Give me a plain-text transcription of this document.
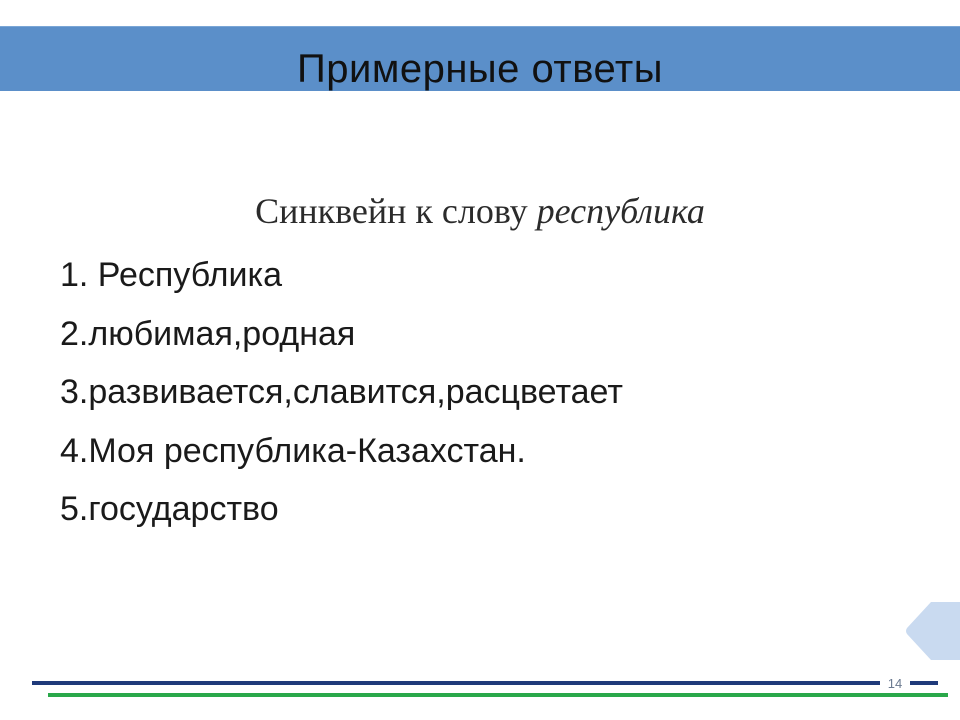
Примерные ответы
Синквейн к слову республика
1. Республика
2.любимая,родная
3.развивается,славится,расцветает
4.Моя республика-Казахстан.
5.государство
14
